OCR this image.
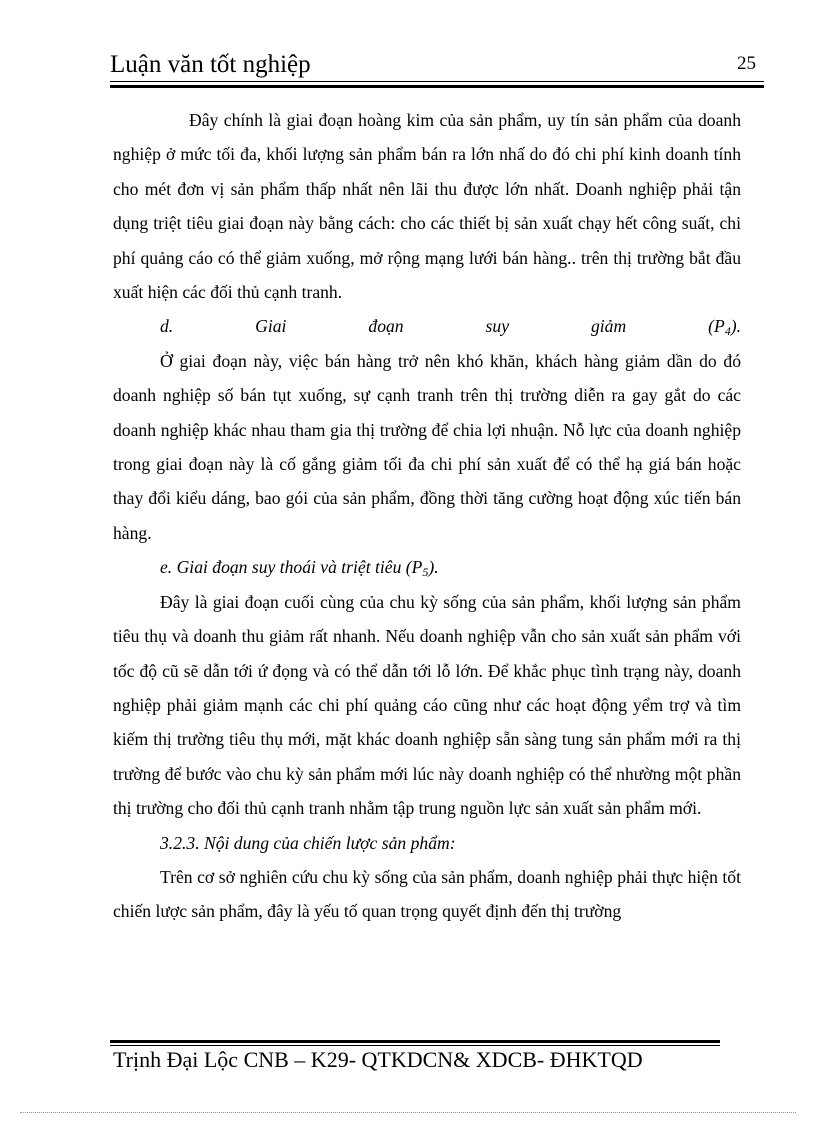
Luận văn tốt nghiệp	25

Đây chính là giai đoạn hoàng kim của sản phẩm, uy tín sản phẩm của doanh nghiệp ở mức tối đa, khối lượng sản phẩm bán ra lớn nhấ do đó chi phí kinh doanh tính cho mét đơn vị sản phẩm thấp nhất nên lãi thu được lớn nhất. Doanh nghiệp phải tận dụng triệt tiêu giai đoạn này bằng cách: cho các thiết bị sản xuất chạy hết công suất, chi phí quảng cáo có thể giảm xuống, mở rộng mạng lưới bán hàng.. trên thị trường bắt đầu xuất hiện các đối thủ cạnh tranh.

d. Giai đoạn suy giảm $(P_4)$.

Ở giai đoạn này, việc bán hàng trở nên khó khăn, khách hàng giảm dần do đó doanh nghiệp số bán tụt xuống, sự cạnh tranh trên thị trường diễn ra gay gắt do các doanh nghiệp khác nhau tham gia thị trường để chia lợi nhuận. Nỗ lực của doanh nghiệp trong giai đoạn này là cố gắng giảm tối đa chi phí sản xuất để có thể hạ giá bán hoặc thay đổi kiểu dáng, bao gói của sản phẩm, đồng thời tăng cường hoạt động xúc tiến bán hàng.

e. Giai đoạn suy thoái và triệt tiêu $(P_5)$.

Đây là giai đoạn cuối cùng của chu kỳ sống của sản phẩm, khối lượng sản phẩm tiêu thụ và doanh thu giảm rất nhanh. Nếu doanh nghiệp vẫn cho sản xuất sản phẩm với tốc độ cũ sẽ dẫn tới ứ đọng và có thể dẫn tới lỗ lớn. Để khắc phục tình trạng này, doanh nghiệp phải giảm mạnh các chi phí quảng cáo cũng như các hoạt động yểm trợ và tìm kiếm thị trường tiêu thụ mới, mặt khác doanh nghiệp sẵn sàng tung sản phẩm mới ra thị trường để bước vào chu kỳ sản phẩm mới lúc này doanh nghiệp có thể nhường một phần thị trường cho đối thủ cạnh tranh nhằm tập trung nguồn lực sản xuất sản phẩm mới.

3.2.3. Nội dung của chiến lược sản phẩm:

Trên cơ sở nghiên cứu chu kỳ sống của sản phẩm, doanh nghiệp phải thực hiện tốt chiến lược sản phẩm, đây là yếu tố quan trọng quyết định đến thị trường

Trịnh Đại Lộc CNB – K29- QTKDCN& XDCB- ĐHKTQD
